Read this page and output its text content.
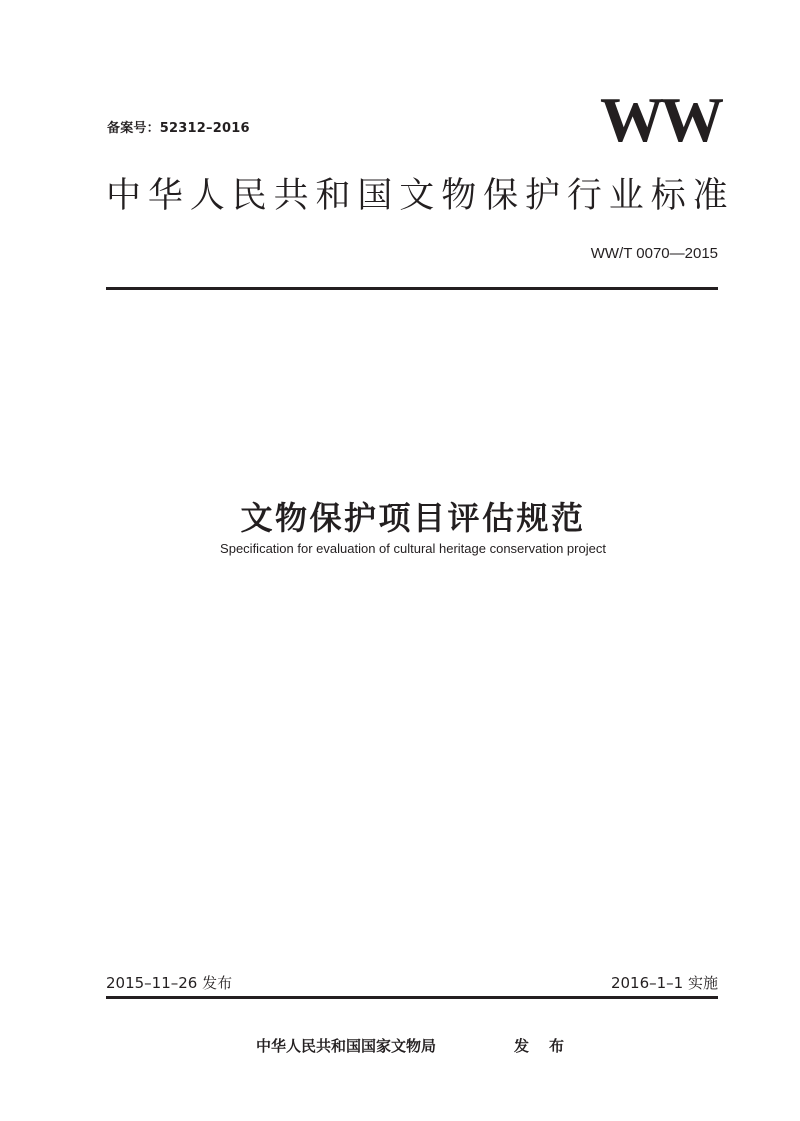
备案号：52312–2016	WW
中华人民共和国文物保护行业标准
WW/T 0070—2015
文物保护项目评估规范
Specification for evaluation of cultural heritage conservation project
2015–11–26 发布	2016–1–1 实施
中华人民共和国国家文物局	发布
